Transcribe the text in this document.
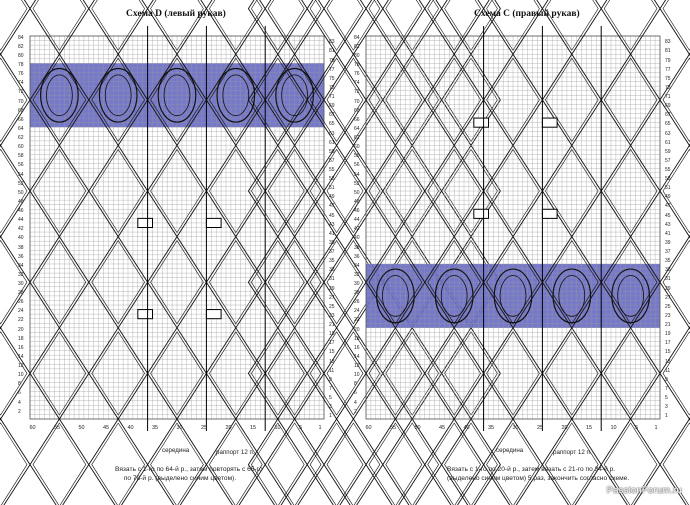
Схема D (левый рукав)
2
4
6
8
10
12
14
16
18
20
22
24
26
28
30
32
34
36
38
40
42
44
46
48
50
52
54
56
58
60
62
64
66
68
70
72
74
76
78
80
82
84
1
3
5
7
9
11
13
15
17
19
21
23
25
27
29
31
33
35
37
39
41
43
45
47
49
51
53
55
57
59
61
63
65
67
69
71
73
75
77
79
81
83
60	55	50	45	40	35	30	25	20	15	10	5	1
середина	раппорт 12 п.
Вязать с 1-го по 64-й р., затем повторять с 65-го
по 78-й р. (выделено синим цветом).
Схема C (правый рукав)
2
4
6
8
10
12
14
16
18
20
22
24
26
28
30
32
34
36
38
40
42
44
46
48
50
52
54
56
58
60
62
64
66
68
70
72
74
76
78
80
82
84
1
3
5
7
9
11
13
15
17
19
21
23
25
27
29
31
33
35
37
39
41
43
45
47
49
51
53
55
57
59
61
63
65
67
69
71
73
75
77
79
81
83
60	55	50	45	40	35	30	25	20	15	10	5	1
середина	раппорт 12 п.
Вязать с 1-го по 20-й р., затем вязать с 21-го по 34-й р.
(выделено синим цветом) 5 раз, закончить согласно схеме.
PassionForum.ru
